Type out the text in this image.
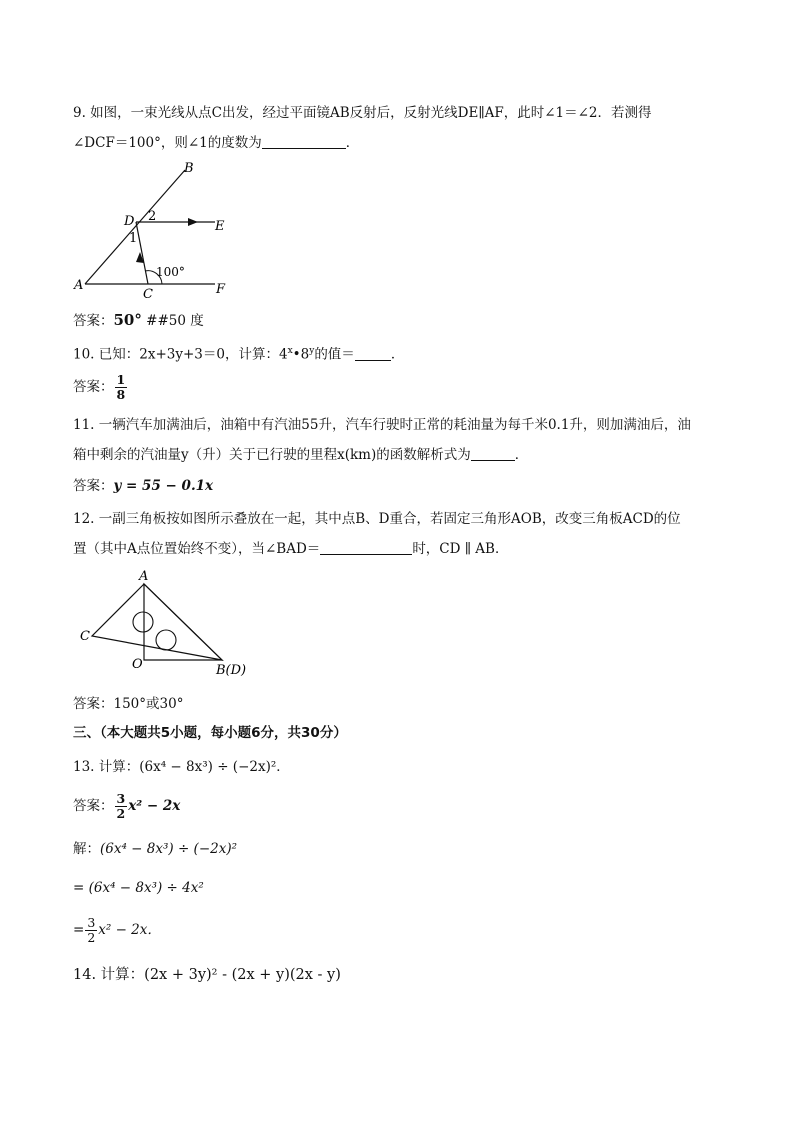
9. 如图，一束光线从点C出发，经过平面镜AB反射后，反射光线DE∥AF，此时∠1＝∠2．若测得
∠DCF＝100°，则∠1的度数为	．
B
D 2
E
1
100°
A
C	F
答案：50° ##50 度
10. 已知：2x+3y+3＝0，计算：4$^x$•8$^y$的值＝	．
答案： $\frac{1}{8}$
11. 一辆汽车加满油后，油箱中有汽油55升，汽车行驶时正常的耗油量为每千米0.1升，则加满油后，油
箱中剩余的汽油量y（升）关于已行驶的里程x(km)的函数解析式为	．
答案：y = 55 − 0.1x
12. 一副三角板按如图所示叠放在一起，其中点B、D重合，若固定三角形AOB，改变三角板ACD的位
置（其中A点位置始终不变），当∠BAD＝	时，CD ∥ AB．
A
C
O	B(D)
答案：150°或30°
三、（本大题共5小题，每小题6分，共30分）
13. 计算：(6x⁴ − 8x³) ÷ (−2x)²．
答案： $\frac{3}{2} x^2 - 2x$
解：(6x⁴ − 8x³) ÷ (−2x)²
= (6x⁴ − 8x³) ÷ 4x²
= $\frac{3}{2} x^2 - 2x$．
14. 计算：(2x + 3y)² - (2x + y)(2x - y)
